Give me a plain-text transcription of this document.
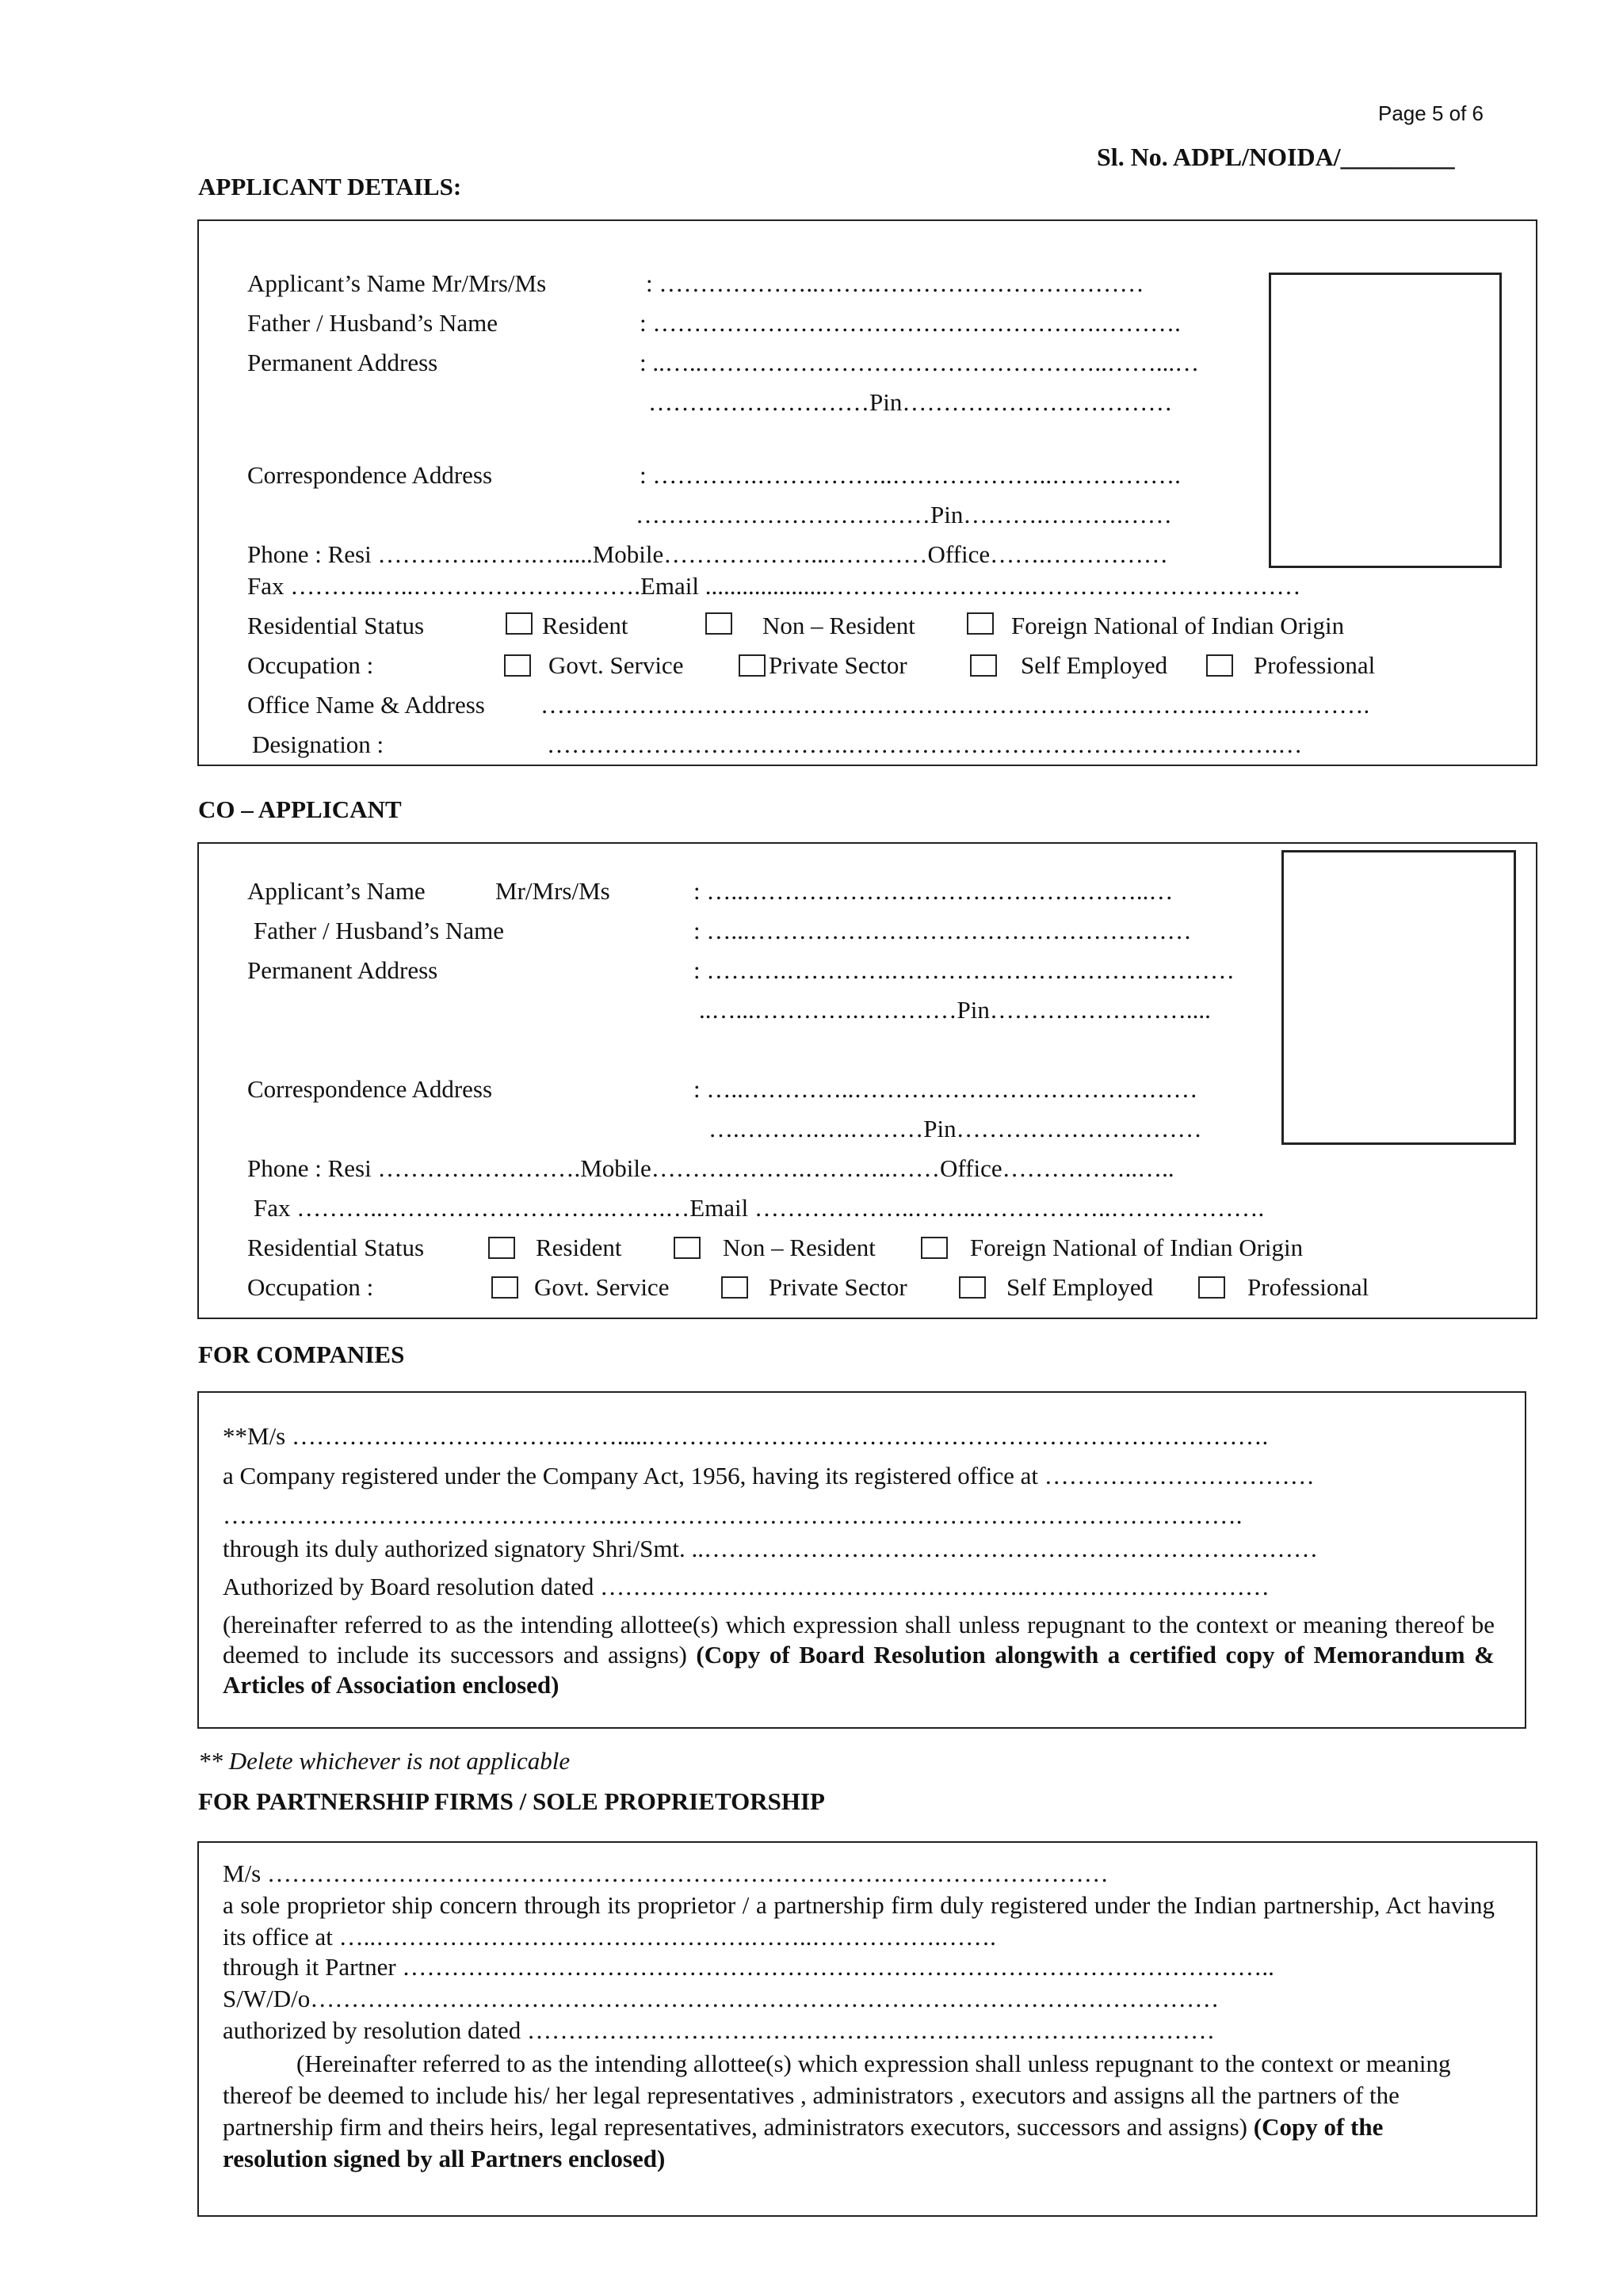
Page 5 of 6
Sl. No. ADPL/NOIDA/_________
APPLICANT DETAILS:
Applicant’s Name Mr/Mrs/Ms	: ………………..…….……………………………
Father / Husband’s Name	: ……………………………………………….……….
Permanent Address	: ..…..…………………………………………..……...…
………………………Pin……………………………
Correspondence Address	: ………….……………..………………..…………….
………………………………Pin……….……….……
Phone : Resi ………….…….….....Mobile………………...…………Office…….……………
Fax ………..…..……………………….Email ....................…………………….……………………………
Residential Status	Resident	Non – Resident	Foreign National of Indian Origin
Occupation :	Govt. Service	Private Sector	Self Employed	Professional
Office Name & Address ……………………………………………………………………….……….……….
Designation :	……………………………….…………………………………….……….…
CO – APPLICANT
Applicant’s Name	Mr/Mrs/Ms	: …..…………………………………………..…
Father / Husband’s Name	: …...………………………………………………
Permanent Address	: ……….………….……………………………………
..…...………….…………Pin……………………....
Correspondence Address	: …..…………..……………………………………
….……….….………Pin…………………………
Phone : Resi …………………….Mobile……………….………..……Office……………..…..
Fax ………..……………………….…….…Email ………………..……..……………..……………….
Residential Status	Resident	Non – Resident	Foreign National of Indian Origin
Occupation :	Govt. Service	Private Sector	Self Employed	Professional
FOR COMPANIES
**M/s …………………………….…….....………………………………………………………………….
a Company registered under the Company Act, 1956, having its registered office at ……………………………
………………………………………….………………………………………………………………….
through its duly authorized signatory Shri/Smt. ..…………………………………………………………………
Authorized by Board resolution dated …………………………………………….…………………………
(hereinafter referred to as the intending allottee(s) which expression shall unless repugnant to the context or meaning thereof be deemed to include its successors and assigns) (Copy of Board Resolution alongwith a certified copy of Memorandum & Articles of Association enclosed)
** Delete whichever is not applicable
FOR PARTNERSHIP FIRMS / SOLE PROPRIETORSHIP
M/s ………………………………………………………………….………………………
a sole proprietor ship concern through its proprietor / a partnership firm duly registered under the Indian partnership, Act having its office at …..……………………………………….……..…………….…….
through it Partner ……………………………………………………………………………………………..
S/W/D/o…………………………………………………………………………………………………
authorized by resolution dated …………………………………………………………………………
(Hereinafter referred to as the intending allottee(s) which expression shall unless repugnant to the context or meaning thereof be deemed to include his/ her legal representatives , administrators , executors and assigns all the partners of the partnership firm and theirs heirs, legal representatives, administrators executors, successors and assigns) (Copy of the resolution signed by all Partners enclosed)
